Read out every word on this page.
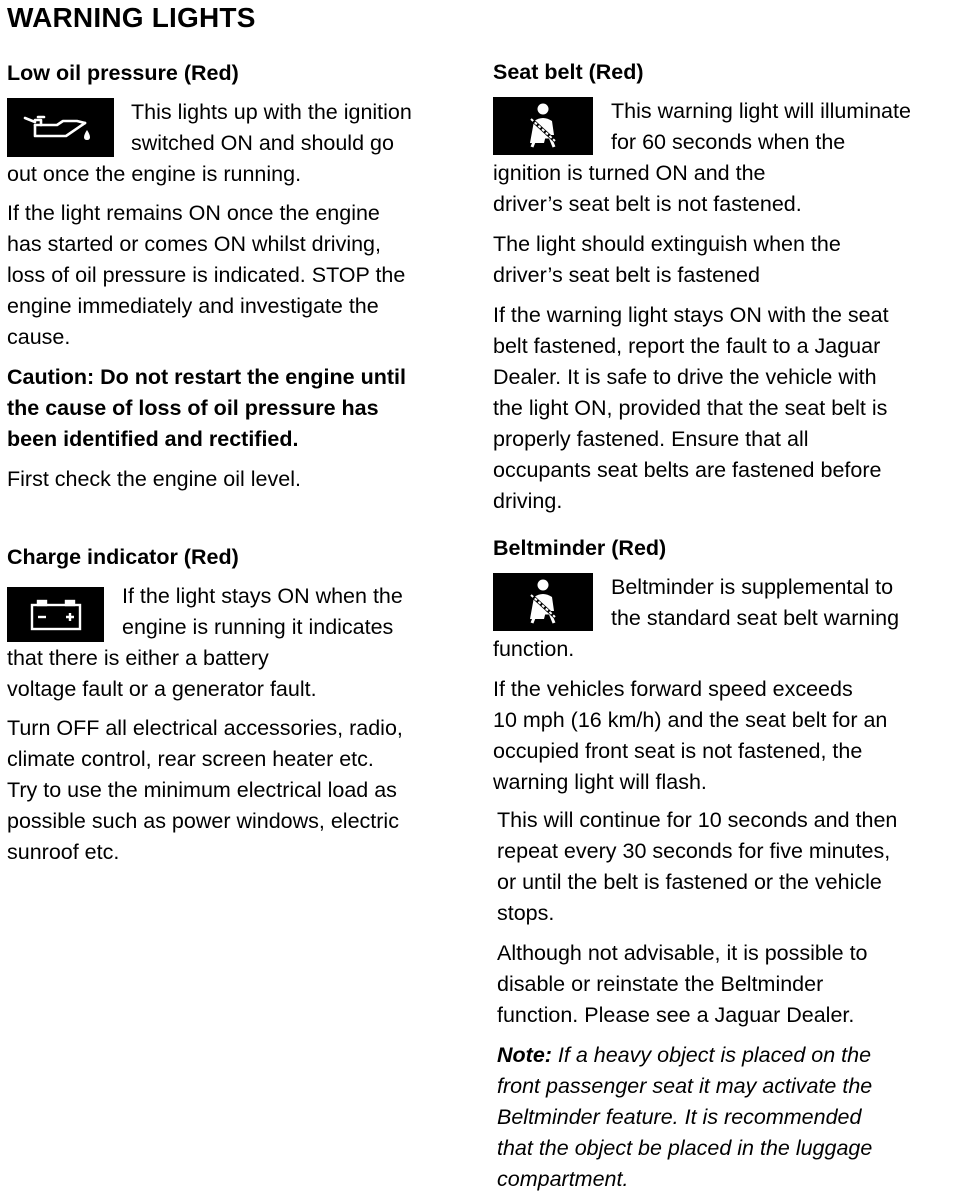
WARNING LIGHTS
Low oil pressure (Red)

This lights up with the ignition

switched ON and should go

out once the engine is running.

If the light remains ON once the engine

has started or comes ON whilst driving,

loss of oil pressure is indicated. STOP the

engine immediately and investigate the

cause.

Caution: Do not restart the engine until

the cause of loss of oil pressure has

been identified and rectified.

First check the engine oil level.

Charge indicator (Red)

If the light stays ON when the

engine is running it indicates

that there is either a battery

voltage fault or a generator fault.

Turn OFF all electrical accessories, radio,

climate control, rear screen heater etc.

Try to use the minimum electrical load as

possible such as power windows, electric

sunroof etc.

Seat belt (Red)

This warning light will illuminate

for 60 seconds when the

ignition is turned ON and the

driver’s seat belt is not fastened.

The light should extinguish when the

driver’s seat belt is fastened

If the warning light stays ON with the seat

belt fastened, report the fault to a Jaguar

Dealer. It is safe to drive the vehicle with

the light ON, provided that the seat belt is

properly fastened. Ensure that all

occupants seat belts are fastened before

driving.

Beltminder (Red)

Beltminder is supplemental to

the standard seat belt warning

function.

If the vehicles forward speed exceeds

10 mph (16 km/h) and the seat belt for an

occupied front seat is not fastened, the

warning light will flash.

This will continue for 10 seconds and then

repeat every 30 seconds for five minutes,

or until the belt is fastened or the vehicle

stops.

Although not advisable, it is possible to

disable or reinstate the Beltminder

function. Please see a Jaguar Dealer.

Note: If a heavy object is placed on the

front passenger seat it may activate the

Beltminder feature. It is recommended

that the object be placed in the luggage

compartment.
